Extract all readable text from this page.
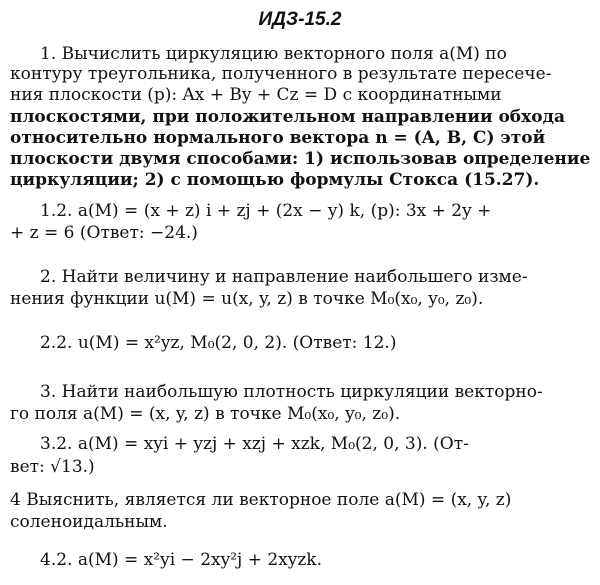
ИДЗ-15.2
1. Вычислить циркуляцию векторного поля a(M) по
контуру треугольника, полученного в результате пересече-
ния плоскости (p): Ax + By + Cz = D с координатными
плоскостями, при положительном направлении обхода
относительно нормального вектора n = (A, B, C) этой
плоскости двумя способами: 1) использовав определение
циркуляции; 2) с помощью формулы Стокса (15.27).
1.2. a(M) = (x + z) i + zj + (2x − y) k, (p): 3x + 2y +
+ z = 6 (Ответ: −24.)
2. Найти величину и направление наибольшего изме-
нения функции u(M) = u(x, y, z) в точке M₀(x₀, y₀, z₀).
2.2. u(M) = x²yz, M₀(2, 0, 2). (Ответ: 12.)
3. Найти наибольшую плотность циркуляции векторно-
го поля a(M) = (x, y, z) в точке M₀(x₀, y₀, z₀).
3.2. a(M) = xyi + yzj + xzj + xzk, M₀(2, 0, 3). (От-
вет: √13.)
4 Выяснить, является ли векторное поле a(M) = (x, y, z)
соленоидальным.
4.2. a(M) = x²yi − 2xy²j + 2xyzk.
